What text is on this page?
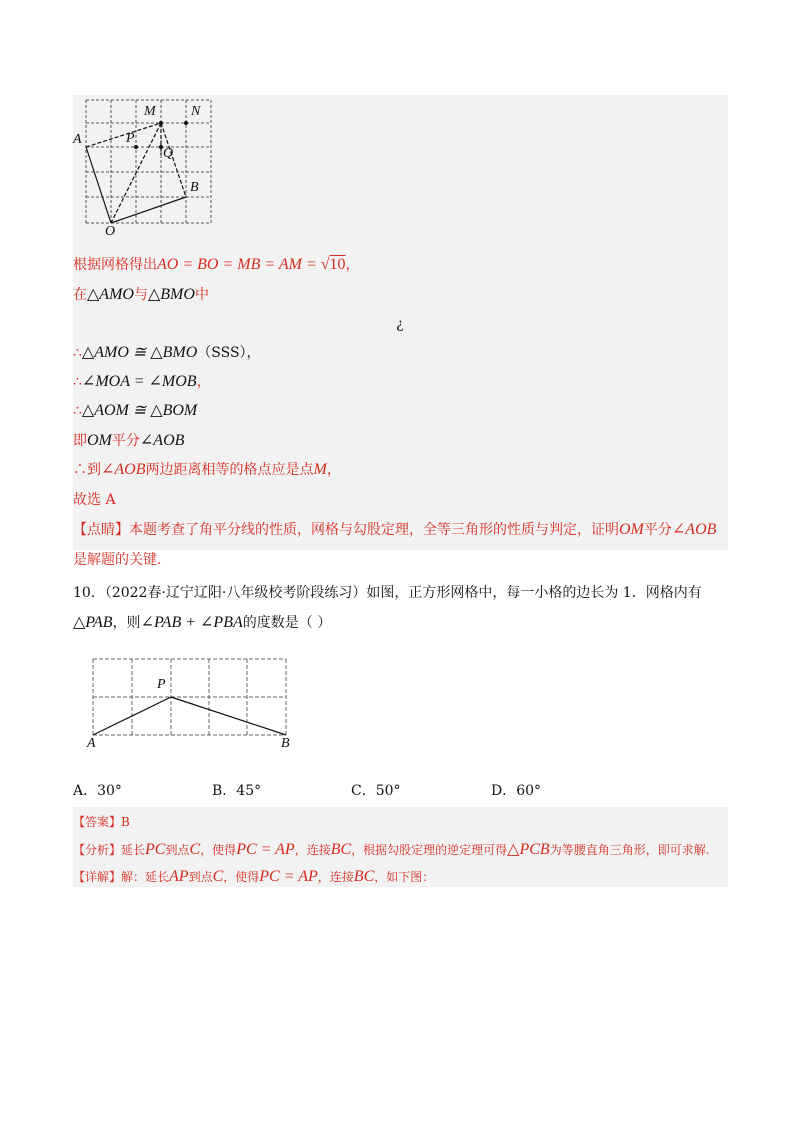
A
M	N
P
Q
B
O
根据网格得出AO = BO = MB = AM = √10，
在△AMO与△BMO中
¿
∴△AMO ≅ △BMO（SSS），
∴∠MOA = ∠MOB，
∴△AOM ≅ △BOM
即OM平分∠AOB
∴到∠AOB两边距离相等的格点应是点M，
故选 A
【点睛】本题考查了角平分线的性质，网格与勾股定理，全等三角形的性质与判定，证明OM平分∠AOB
是解题的关键.
10．（2022春·辽宁辽阳·八年级校考阶段练习）如图，正方形网格中，每一小格的边长为 1．网格内有
△PAB，则∠PAB + ∠PBA的度数是（ ）
P
A	B
A．30°	B．45°	C．50°	D．60°
【答案】B
【分析】延长PC到点C，使得PC = AP，连接BC，根据勾股定理的逆定理可得△PCB为等腰直角三角形，即可求解.
【详解】解：延长AP到点C，使得PC = AP，连接BC，如下图：
